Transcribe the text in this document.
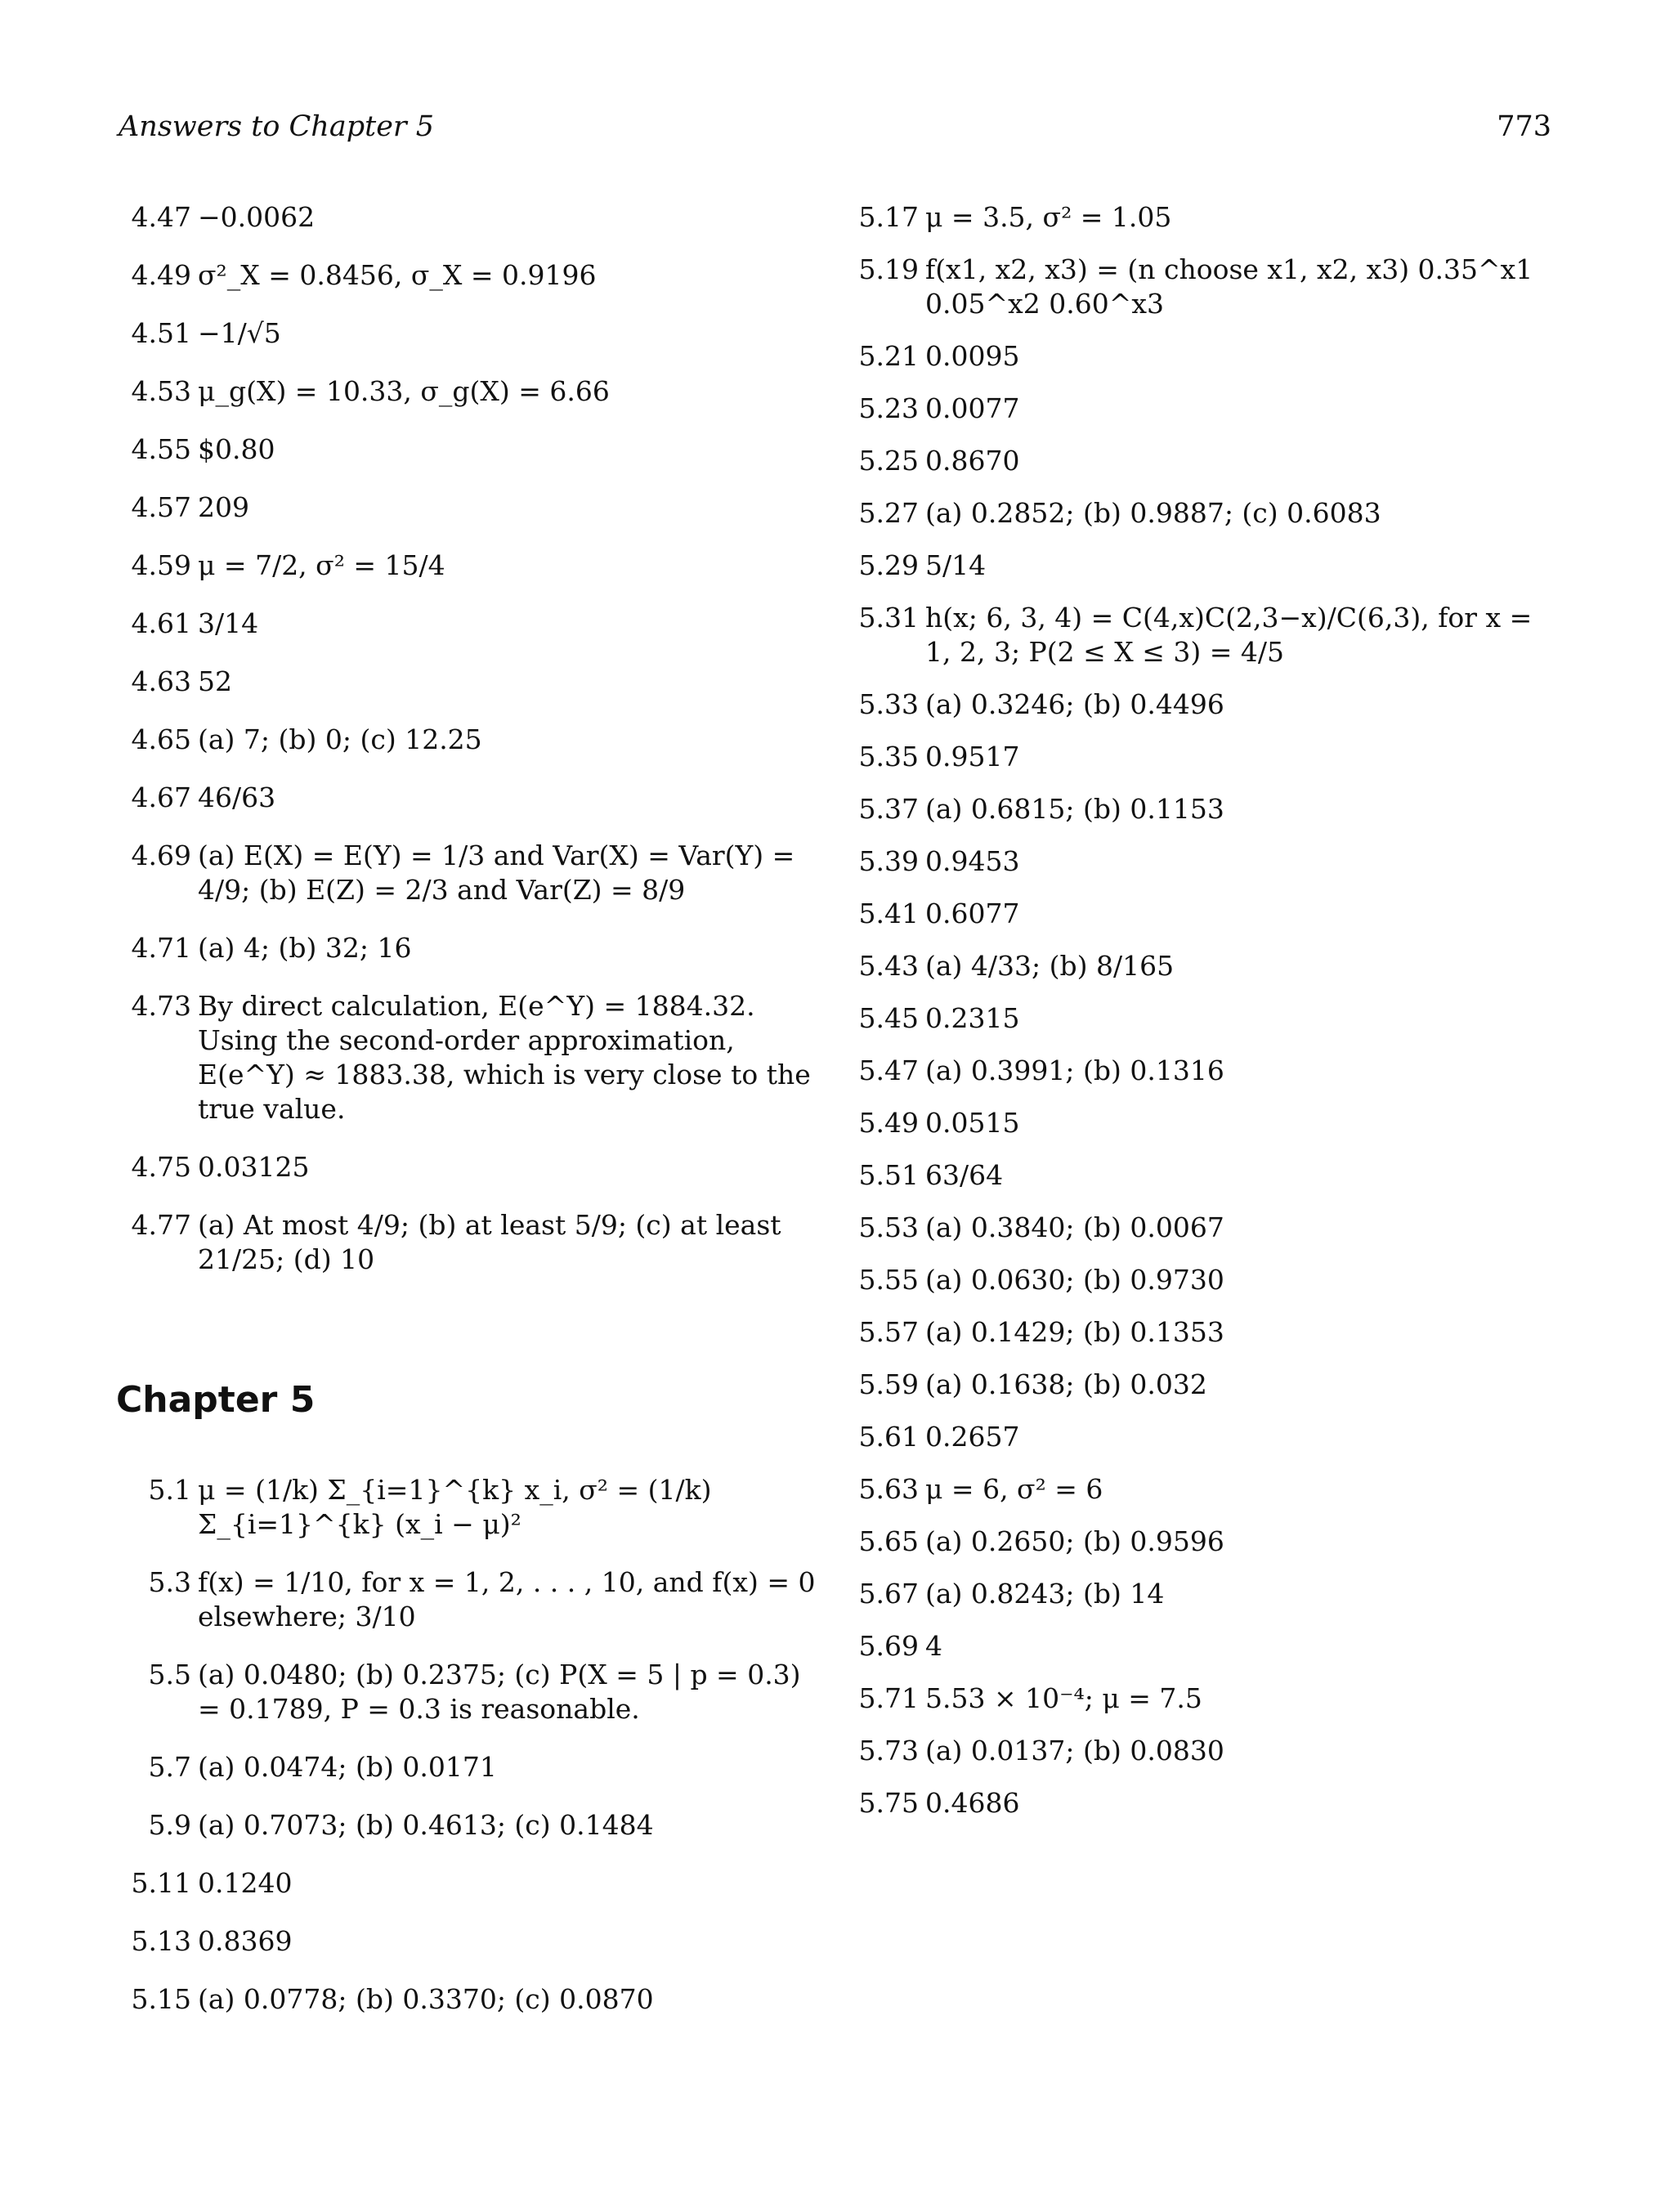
Answers to Chapter 5	773
4.47 −0.0062
4.49 σ²_X = 0.8456, σ_X = 0.9196
4.51 −1/√5
4.53 μ_g(X) = 10.33, σ_g(X) = 6.66
4.55 $0.80
4.57 209
4.59 μ = 7/2, σ² = 15/4
4.61 3/14
4.63 52
4.65 (a) 7; (b) 0; (c) 12.25
4.67 46/63
4.69 (a) E(X) = E(Y) = 1/3 and Var(X) = Var(Y) = 4/9; (b) E(Z) = 2/3 and Var(Z) = 8/9
4.71 (a) 4; (b) 32; 16
4.73 By direct calculation, E(e^Y) = 1884.32. Using the second-order approximation, E(e^Y) ≈ 1883.38, which is very close to the true value.
4.75 0.03125
4.77 (a) At most 4/9; (b) at least 5/9; (c) at least 21/25; (d) 10
Chapter 5
5.1 μ = (1/k) Σ_{i=1}^{k} x_i, σ² = (1/k) Σ_{i=1}^{k} (x_i − μ)²
5.3 f(x) = 1/10, for x = 1, 2, . . . , 10, and f(x) = 0 elsewhere; 3/10
5.5 (a) 0.0480; (b) 0.2375; (c) P(X = 5 | p = 0.3) = 0.1789, P = 0.3 is reasonable.
5.7 (a) 0.0474; (b) 0.0171
5.9 (a) 0.7073; (b) 0.4613; (c) 0.1484
5.11 0.1240
5.13 0.8369
5.15 (a) 0.0778; (b) 0.3370; (c) 0.0870
5.17 μ = 3.5, σ² = 1.05
5.19 f(x1, x2, x3) = (n choose x1, x2, x3) 0.35^x1 0.05^x2 0.60^x3
5.21 0.0095
5.23 0.0077
5.25 0.8670
5.27 (a) 0.2852; (b) 0.9887; (c) 0.6083
5.29 5/14
5.31 h(x; 6, 3, 4) = C(4,x)C(2,3−x)/C(6,3), for x = 1, 2, 3; P(2 ≤ X ≤ 3) = 4/5
5.33 (a) 0.3246; (b) 0.4496
5.35 0.9517
5.37 (a) 0.6815; (b) 0.1153
5.39 0.9453
5.41 0.6077
5.43 (a) 4/33; (b) 8/165
5.45 0.2315
5.47 (a) 0.3991; (b) 0.1316
5.49 0.0515
5.51 63/64
5.53 (a) 0.3840; (b) 0.0067
5.55 (a) 0.0630; (b) 0.9730
5.57 (a) 0.1429; (b) 0.1353
5.59 (a) 0.1638; (b) 0.032
5.61 0.2657
5.63 μ = 6, σ² = 6
5.65 (a) 0.2650; (b) 0.9596
5.67 (a) 0.8243; (b) 14
5.69 4
5.71 5.53 × 10⁻⁴; μ = 7.5
5.73 (a) 0.0137; (b) 0.0830
5.75 0.4686
